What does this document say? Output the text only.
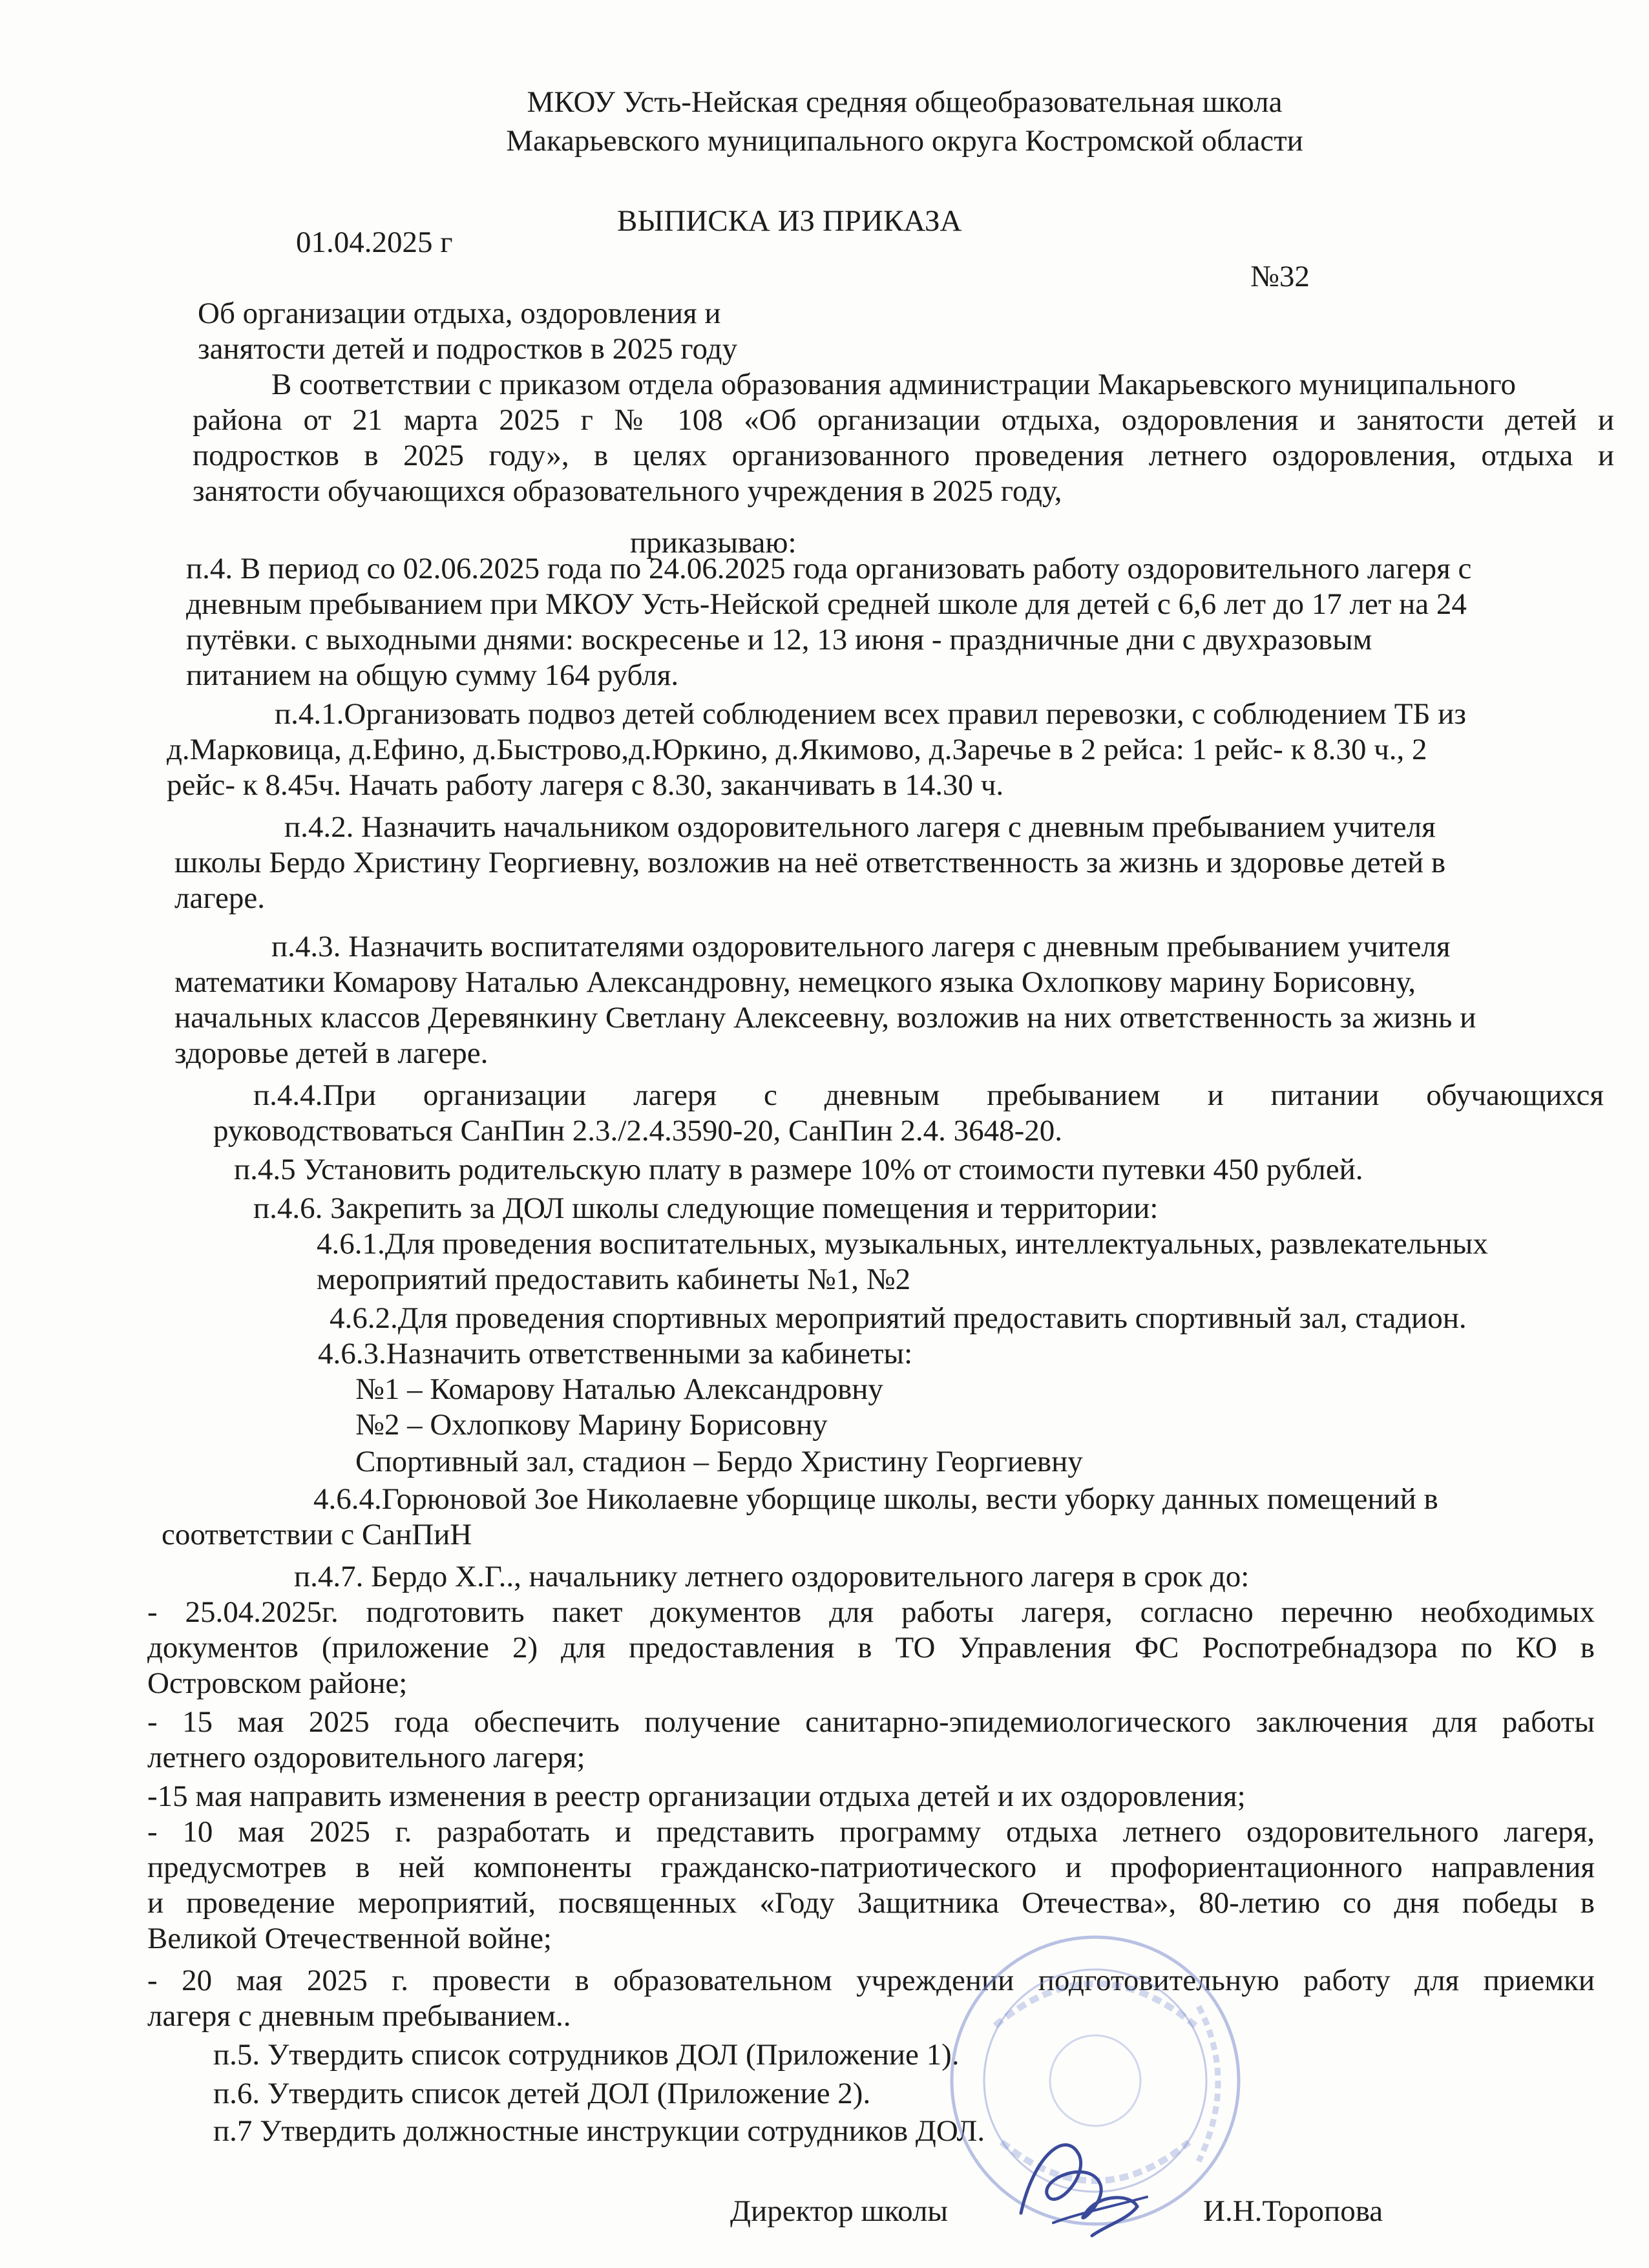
МКОУ Усть-Нейская средняя общеобразовательная школа
Макарьевского муниципального округа Костромской области
ВЫПИСКА ИЗ ПРИКАЗА
01.04.2025 г
№32
Об организации отдыха, оздоровления и
занятости детей и подростков в 2025 году
В соответствии с приказом отдела образования администрации Макарьевского муниципального
района от 21 марта 2025 г № 108 «Об организации отдыха, оздоровления и занятости детей и
подростков в 2025 году», в целях организованного проведения летнего оздоровления, отдыха и
занятости обучающихся образовательного учреждения в 2025 году,
приказываю:
п.4. В период со 02.06.2025 года по 24.06.2025 года организовать работу оздоровительного лагеря с
дневным пребыванием при МКОУ Усть-Нейской средней школе для детей с 6,6 лет до 17 лет на 24
путёвки. с выходными днями: воскресенье и 12, 13 июня - праздничные дни с двухразовым
питанием на общую сумму 164 рубля.
п.4.1.Организовать подвоз детей соблюдением всех правил перевозки, с соблюдением ТБ из
д.Марковица, д.Ефино, д.Быстрово,д.Юркино, д.Якимово, д.Заречье в 2 рейса: 1 рейс- к 8.30 ч., 2
рейс- к 8.45ч. Начать работу лагеря с 8.30, заканчивать в 14.30 ч.
п.4.2. Назначить начальником оздоровительного лагеря с дневным пребыванием учителя
школы Бердо Христину Георгиевну, возложив на неё ответственность за жизнь и здоровье детей в
лагере.
п.4.3. Назначить воспитателями оздоровительного лагеря с дневным пребыванием учителя
математики Комарову Наталью Александровну, немецкого языка Охлопкову марину Борисовну,
начальных классов Деревянкину Светлану Алексеевну, возложив на них ответственность за жизнь и
здоровье детей в лагере.
п.4.4.При организации лагеря с дневным пребыванием и питании обучающихся
руководствоваться СанПин 2.3./2.4.3590-20, СанПин 2.4. 3648-20.
п.4.5 Установить родительскую плату в размере 10% от стоимости путевки 450 рублей.
п.4.6. Закрепить за ДОЛ школы следующие помещения и территории:
4.6.1.Для проведения воспитательных, музыкальных, интеллектуальных, развлекательных
мероприятий предоставить кабинеты №1, №2
4.6.2.Для проведения спортивных мероприятий предоставить спортивный зал, стадион.
4.6.3.Назначить ответственными за кабинеты:
№1 – Комарову Наталью Александровну
№2 – Охлопкову Марину Борисовну
Спортивный зал, стадион – Бердо Христину Георгиевну
4.6.4.Горюновой Зое Николаевне уборщице школы, вести уборку данных помещений в
соответствии с СанПиН
п.4.7. Бердо Х.Г.., начальнику летнего оздоровительного лагеря в срок до:
- 25.04.2025г. подготовить пакет документов для работы лагеря, согласно перечню необходимых
документов (приложение 2) для предоставления в ТО Управления ФС Роспотребнадзора по КО в
Островском районе;
- 15 мая 2025 года обеспечить получение санитарно-эпидемиологического заключения для работы
летнего оздоровительного лагеря;
-15 мая направить изменения в реестр организации отдыха детей и их оздоровления;
- 10 мая 2025 г. разработать и представить программу отдыха летнего оздоровительного лагеря,
предусмотрев в ней компоненты гражданско-патриотического и профориентационного направления
и проведение мероприятий, посвященных «Году Защитника Отечества», 80-летию со дня победы в
Великой Отечественной войне;
- 20 мая 2025 г. провести в образовательном учреждении подготовительную работу для приемки
лагеря с дневным пребыванием..
п.5. Утвердить список сотрудников ДОЛ (Приложение 1).
п.6. Утвердить список детей ДОЛ (Приложение 2).
п.7 Утвердить должностные инструкции сотрудников ДОЛ.
Директор школы	И.Н.Торопова
